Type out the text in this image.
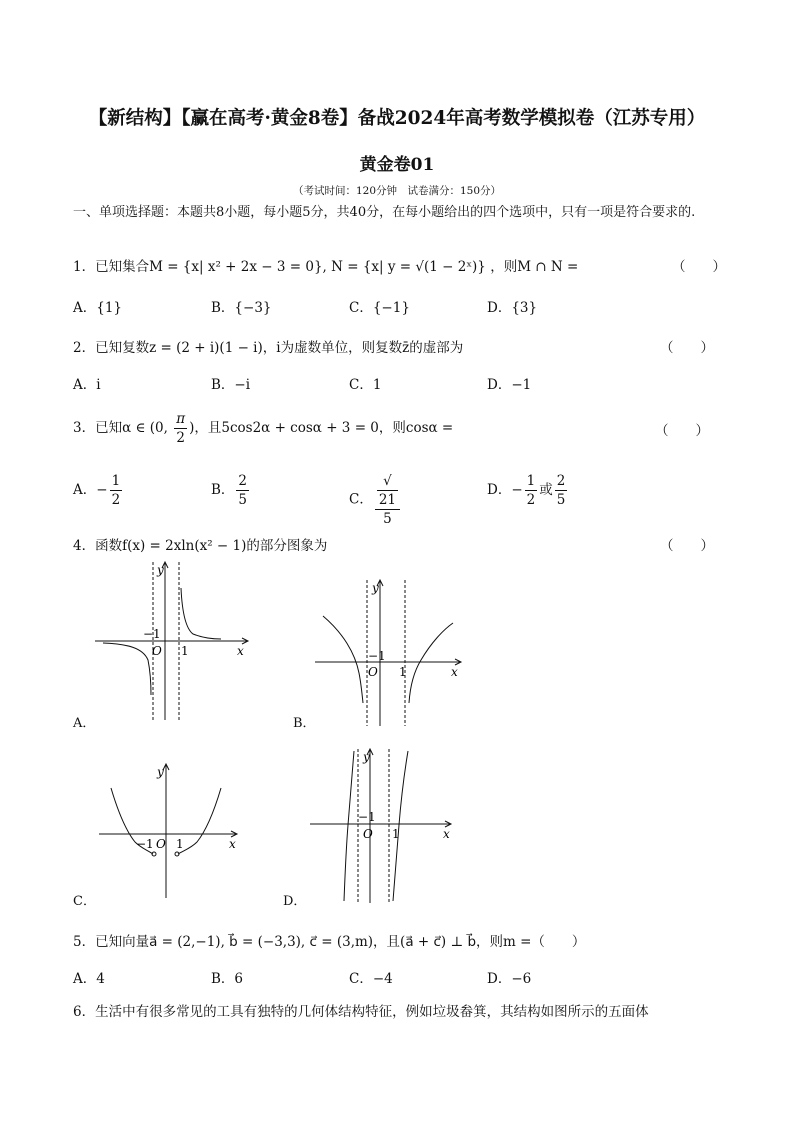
【新结构】【赢在高考·黄金8卷】备战2024年高考数学模拟卷（江苏专用）
黄金卷01
（考试时间：120分钟　试卷满分：150分）
一、单项选择题：本题共8小题，每小题5分，共40分，在每小题给出的四个选项中，只有一项是符合要求的.
1．已知集合M = {x| x² + 2x − 3 = 0}, N = {x| y = √(1 − 2ˣ)} ，则M ∩ N =	（　　）
A．{1}	B．{−3}	C．{−1}	D．{3}
2．已知复数z = (2 + i)(1 − i)，i为虚数单位，则复数z̄的虚部为	（　　）
A．i	B．−i	C．1	D．−1
3．已知α ∈ (0, $\frac{\pi}{2}$ )，且5cos2α + cosα + 3 = 0，则cosα =	（　　）
A．− $\frac{1}{2}$	B． $\frac{2}{5}$	C． √
21
5	D．− $\frac{1}{2}$ 或 $\frac{2}{5}$
4．函数f(x) = 2xln(x² − 1)的部分图象为	（　　）
y
x
O 1
−1
A．
y
x
O 1
−1
B．
y
x
O 1
−1
C．
y
x
O 1
−1
D．
5．已知向量a⃗ = (2,−1), b⃗ = (−3,3), c⃗ = (3,m)，且(a⃗ + c⃗) ⊥ b⃗，则m =（　　）
A．4	B．6	C．−4	D．−6
6．生活中有很多常见的工具有独特的几何体结构特征，例如垃圾畚箕，其结构如图所示的五面体
